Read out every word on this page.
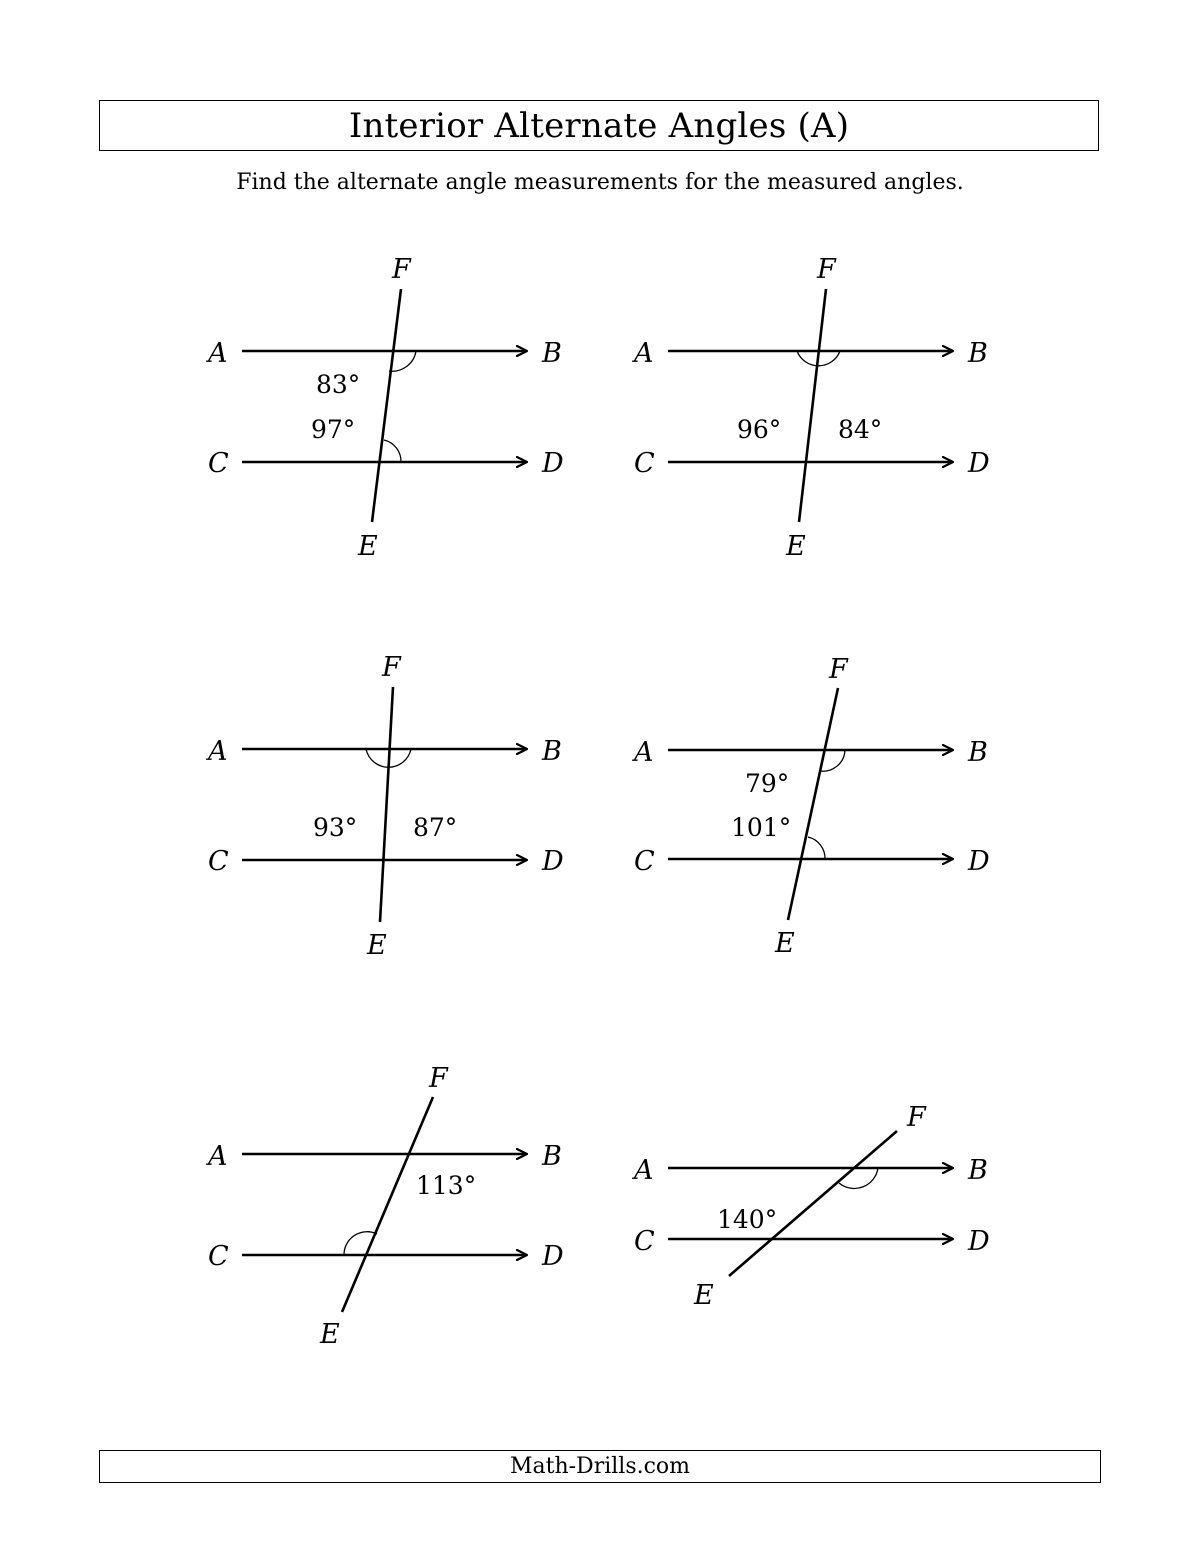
Interior Alternate Angles (A)
Find the alternate angle measurements for the measured angles.
A	B
C	D
E
F
83°
97°
A	B
C	D
E
F
96° 84°
A	B
C	D
E
F
93° 87°
A	B
C	D
E
F
79°
101°
A	B
C	D
E
F
113°	A	B
C	D
E
F
140°
Math-Drills.com
